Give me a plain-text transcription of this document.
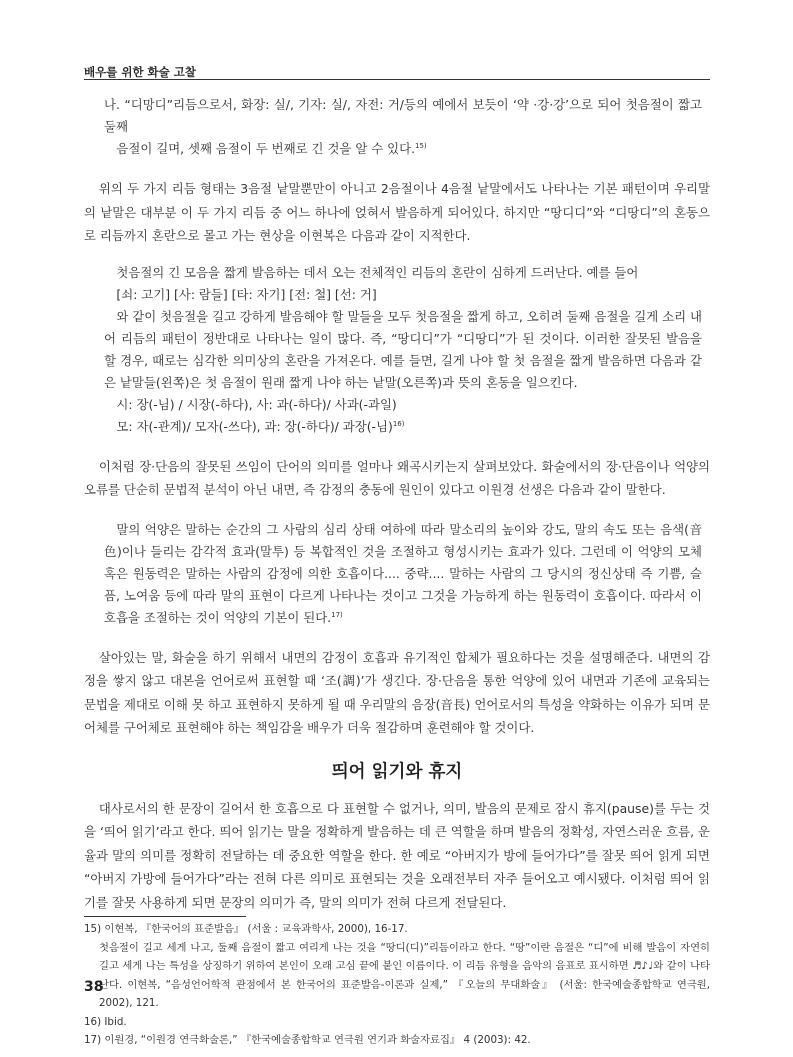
배우를 위한 화술 고찰

나. “디망디”리듬으로서, 화장: 실/, 기자: 실/, 자전: 거/등의 예에서 보듯이 ‘약 ·강·강’으로 되어 첫음절이 짧고 둘째

음절이 길며, 셋째 음절이 두 번째로 긴 것을 알 수 있다.$^{15)}$

위의 두 가지 리듬 형태는 3음절 낱말뿐만이 아니고 2음절이나 4음절 낱말에서도 나타나는 기본 패턴이며 우리말의 낱말은 대부분 이 두 가지 리듬 중 어느 하나에 얹혀서 발음하게 되어있다. 하지만 “땅디디”와 “디땅디”의 혼동으로 리듬까지 혼란으로 몰고 가는 현상을 이현복은 다음과 같이 지적한다.

첫음절의 긴 모음을 짧게 발음하는 데서 오는 전체적인 리듬의 혼란이 심하게 드러난다. 예를 들어

[쇠: 고기] [사: 람들] [타: 자기] [전: 철] [선: 거]

와 같이 첫음절을 길고 강하게 발음해야 할 말들을 모두 첫음절을 짧게 하고, 오히려 둘째 음절을 길게 소리 내어 리듬의 패턴이 정반대로 나타나는 일이 많다. 즉, “땅디디”가 “디땅디”가 된 것이다. 이러한 잘못된 발음을 할 경우, 때로는 심각한 의미상의 혼란을 가져온다. 예를 들면, 길게 나야 할 첫 음절을 짧게 발음하면 다음과 같은 낱말들(왼쪽)은 첫 음절이 원래 짧게 나야 하는 낱말(오른쪽)과 뜻의 혼동을 일으킨다.

시: 장(-님) / 시장(-하다), 사: 과(-하다)/ 사과(-과일)

모: 자(-관계)/ 모자(-쓰다), 과: 장(-하다)/ 과장(-님)$^{16)}$

이처럼 장·단음의 잘못된 쓰임이 단어의 의미를 얼마나 왜곡시키는지 살펴보았다. 화술에서의 장·단음이나 억양의 오류를 단순히 문법적 분석이 아닌 내면, 즉 감정의 충동에 원인이 있다고 이원경 선생은 다음과 같이 말한다.

말의 억양은 말하는 순간의 그 사람의 심리 상태 여하에 따라 말소리의 높이와 강도, 말의 속도 또는 음색(音色)이나 들리는 감각적 효과(말투) 등 복합적인 것을 조절하고 형성시키는 효과가 있다. 그런데 이 억양의 모체 혹은 원동력은 말하는 사람의 감정에 의한 호흡이다.... 중략.... 말하는 사람의 그 당시의 정신상태 즉 기쁨, 슬픔, 노여움 등에 따라 말의 표현이 다르게 나타나는 것이고 그것을 가능하게 하는 원동력이 호흡이다. 따라서 이 호흡을 조절하는 것이 억양의 기본이 된다.$^{17)}$

살아있는 말, 화술을 하기 위해서 내면의 감정이 호흡과 유기적인 합체가 필요하다는 것을 설명해준다. 내면의 감정을 쌓지 않고 대본을 언어로써 표현할 때 ‘조(調)’가 생긴다. 장·단음을 통한 억양에 있어 내면과 기존에 교육되는 문법을 제대로 이해 못 하고 표현하지 못하게 될 때 우리말의 음장(音長) 언어로서의 특성을 약화하는 이유가 되며 문어체를 구어체로 표현해야 하는 책임감을 배우가 더욱 절감하며 훈련해야 할 것이다.

띄어 읽기와 휴지

대사로서의 한 문장이 길어서 한 호흡으로 다 표현할 수 없거나, 의미, 발음의 문제로 잠시 휴지(pause)를 두는 것을 ‘띄어 읽기’라고 한다. 띄어 읽기는 말을 정확하게 발음하는 데 큰 역할을 하며 발음의 정확성, 자연스러운 흐름, 운율과 말의 의미를 정확히 전달하는 데 중요한 역할을 한다. 한 예로 “아버지가 방에 들어가다”를 잘못 띄어 읽게 되면 “아버지 가방에 들어가다”라는 전혀 다른 의미로 표현되는 것을 오래전부터 자주 들어오고 예시됐다. 이처럼 띄어 읽기를 잘못 사용하게 되면 문장의 의미가 즉, 말의 의미가 전혀 다르게 전달된다.

15) 이현복, 『한국어의 표준발음』 (서울 : 교육과학사, 2000), 16-17.

첫음절이 길고 세게 나고, 둘째 음절이 짧고 여리게 나는 것을 “땅디(디)”리듬이라고 한다. “땅”이란 음절은 “디”에 비해 발음이 자연히 길고 세게 나는 특성을 상징하기 위하여 본인이 오래 고심 끝에 붙인 이름이다. 이 리듬 유형을 음악의 음표로 표시하면 ♬♪♩와 같이 나타난다. 이현복, “음성언어학적 관점에서 본 한국어의 표준발음-이론과 실제,” 『오늘의 무대화술』 (서울: 한국예술종합학교 연극원, 2002), 121.

16) Ibid.

17) 이원경, “이원경 연극화술론,” 『한국예술종합학교 연극원 연기과 화술자료집』 4 (2003): 42.

38
